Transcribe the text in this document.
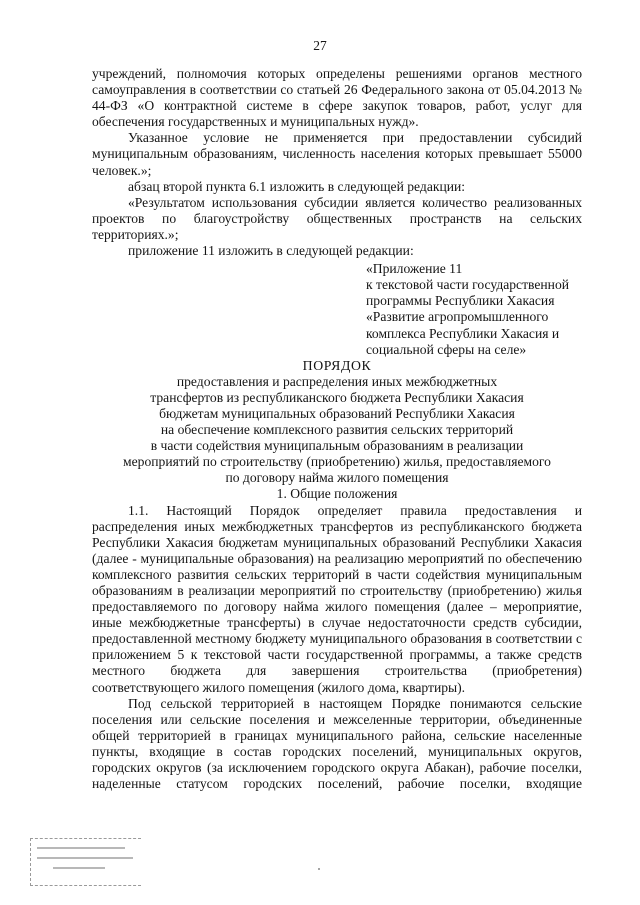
27

учреждений, полномочия которых определены решениями органов местного самоуправления в соответствии со статьей 26 Федерального закона от 05.04.2013 № 44-ФЗ «О контрактной системе в сфере закупок товаров, работ, услуг для обеспечения государственных и муниципальных нужд».

Указанное условие не применяется при предоставлении субсидий муниципальным образованиям, численность населения которых превышает 55000 человек.»;

абзац второй пункта 6.1 изложить в следующей редакции:

«Результатом использования субсидии является количество реализованных проектов по благоустройству общественных пространств на сельских территориях.»;

приложение 11 изложить в следующей редакции:

«Приложение 11

к текстовой части государственной

программы Республики Хакасия

«Развитие агропромышленного

комплекса Республики Хакасия и

социальной сферы на селе»

ПОРЯДОК

предоставления и распределения иных межбюджетных

трансфертов из республиканского бюджета Республики Хакасия

бюджетам муниципальных образований Республики Хакасия

на обеспечение комплексного развития сельских территорий

в части содействия муниципальным образованиям в реализации

мероприятий по строительству (приобретению) жилья, предоставляемого

по договору найма жилого помещения

1. Общие положения

1.1. Настоящий Порядок определяет правила предоставления и распределения иных межбюджетных трансфертов из республиканского бюджета Республики Хакасия бюджетам муниципальных образований Республики Хакасия (далее - муниципальные образования) на реализацию мероприятий по обеспечению комплексного развития сельских территорий в части содействия муниципальным образованиям в реализации мероприятий по строительству (приобретению) жилья предоставляемого по договору найма жилого помещения (далее – мероприятие, иные межбюджетные трансферты) в случае недостаточности средств субсидии, предоставленной местному бюджету муниципального образования в соответствии с приложением 5 к текстовой части государственной программы, а также средств местного бюджета для завершения строительства (приобретения) соответствующего жилого помещения (жилого дома, квартиры).

Под сельской территорией в настоящем Порядке понимаются сельские поселения или сельские поселения и межселенные территории, объединенные общей территорией в границах муниципального района, сельские населенные пункты, входящие в состав городских поселений, муниципальных округов, городских округов (за исключением городского округа Абакан), рабочие поселки, наделенные статусом городских поселений, рабочие поселки, входящие
